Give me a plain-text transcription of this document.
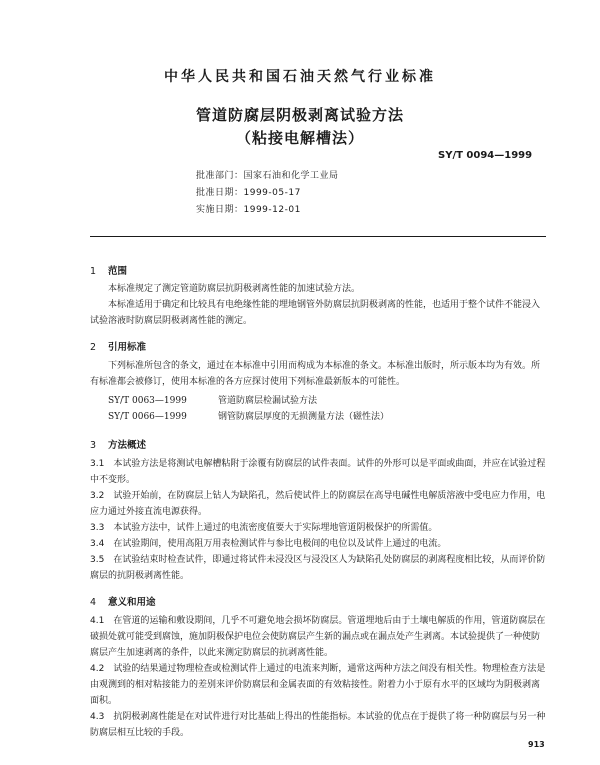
中华人民共和国石油天然气行业标准
管道防腐层阴极剥离试验方法
（粘接电解槽法）
SY/T 0094—1999
批准部门：国家石油和化学工业局
批准日期：1999-05-17
实施日期：1999-12-01
1 范围

本标准规定了测定管道防腐层抗阴极剥离性能的加速试验方法。

本标准适用于确定和比较具有电绝缘性能的埋地钢管外防腐层抗阴极剥离的性能，也适用于整个试件不能浸入试验溶液时防腐层阴极剥离性能的测定。

2 引用标准

下列标准所包含的条文，通过在本标准中引用而构成为本标准的条文。本标准出版时，所示版本均为有效。所有标准都会被修订，使用本标准的各方应探讨使用下列标准最新版本的可能性。

SY/T 0063—1999	管道防腐层检漏试验方法
SY/T 0066—1999	钢管防腐层厚度的无损测量方法（磁性法）
3 方法概述

3.1　本试验方法是将测试电解槽粘附于涂覆有防腐层的试件表面。试件的外形可以是平面或曲面，并应在试验过程中不变形。

3.2　试验开始前，在防腐层上钻人为缺陷孔，然后使试件上的防腐层在高导电碱性电解质溶液中受电应力作用，电应力通过外接直流电源获得。

3.3　本试验方法中，试件上通过的电流密度值要大于实际埋地管道阴极保护的所需值。

3.4　在试验期间，使用高阻万用表检测试件与参比电极间的电位以及试件上通过的电流。

3.5　在试验结束时检查试件，即通过将试件未浸没区与浸没区人为缺陷孔处防腐层的剥离程度相比较，从而评价防腐层的抗阴极剥离性能。

4 意义和用途

4.1　在管道的运输和敷设期间，几乎不可避免地会损坏防腐层。管道埋地后由于土壤电解质的作用，管道防腐层在破损处就可能受到腐蚀，施加阴极保护电位会使防腐层产生新的漏点或在漏点处产生剥离。本试验提供了一种使防腐层产生加速剥离的条件，以此来测定防腐层的抗剥离性能。

4.2　试验的结果通过物理检查或检测试件上通过的电流来判断，通常这两种方法之间没有相关性。物理检查方法是由观测到的相对粘接能力的差别来评价防腐层和金属表面的有效粘接性。附着力小于原有水平的区域均为阴极剥离面积。

4.3　抗阴极剥离性能是在对试件进行对比基础上得出的性能指标。本试验的优点在于提供了将一种防腐层与另一种防腐层相互比较的手段。

913
